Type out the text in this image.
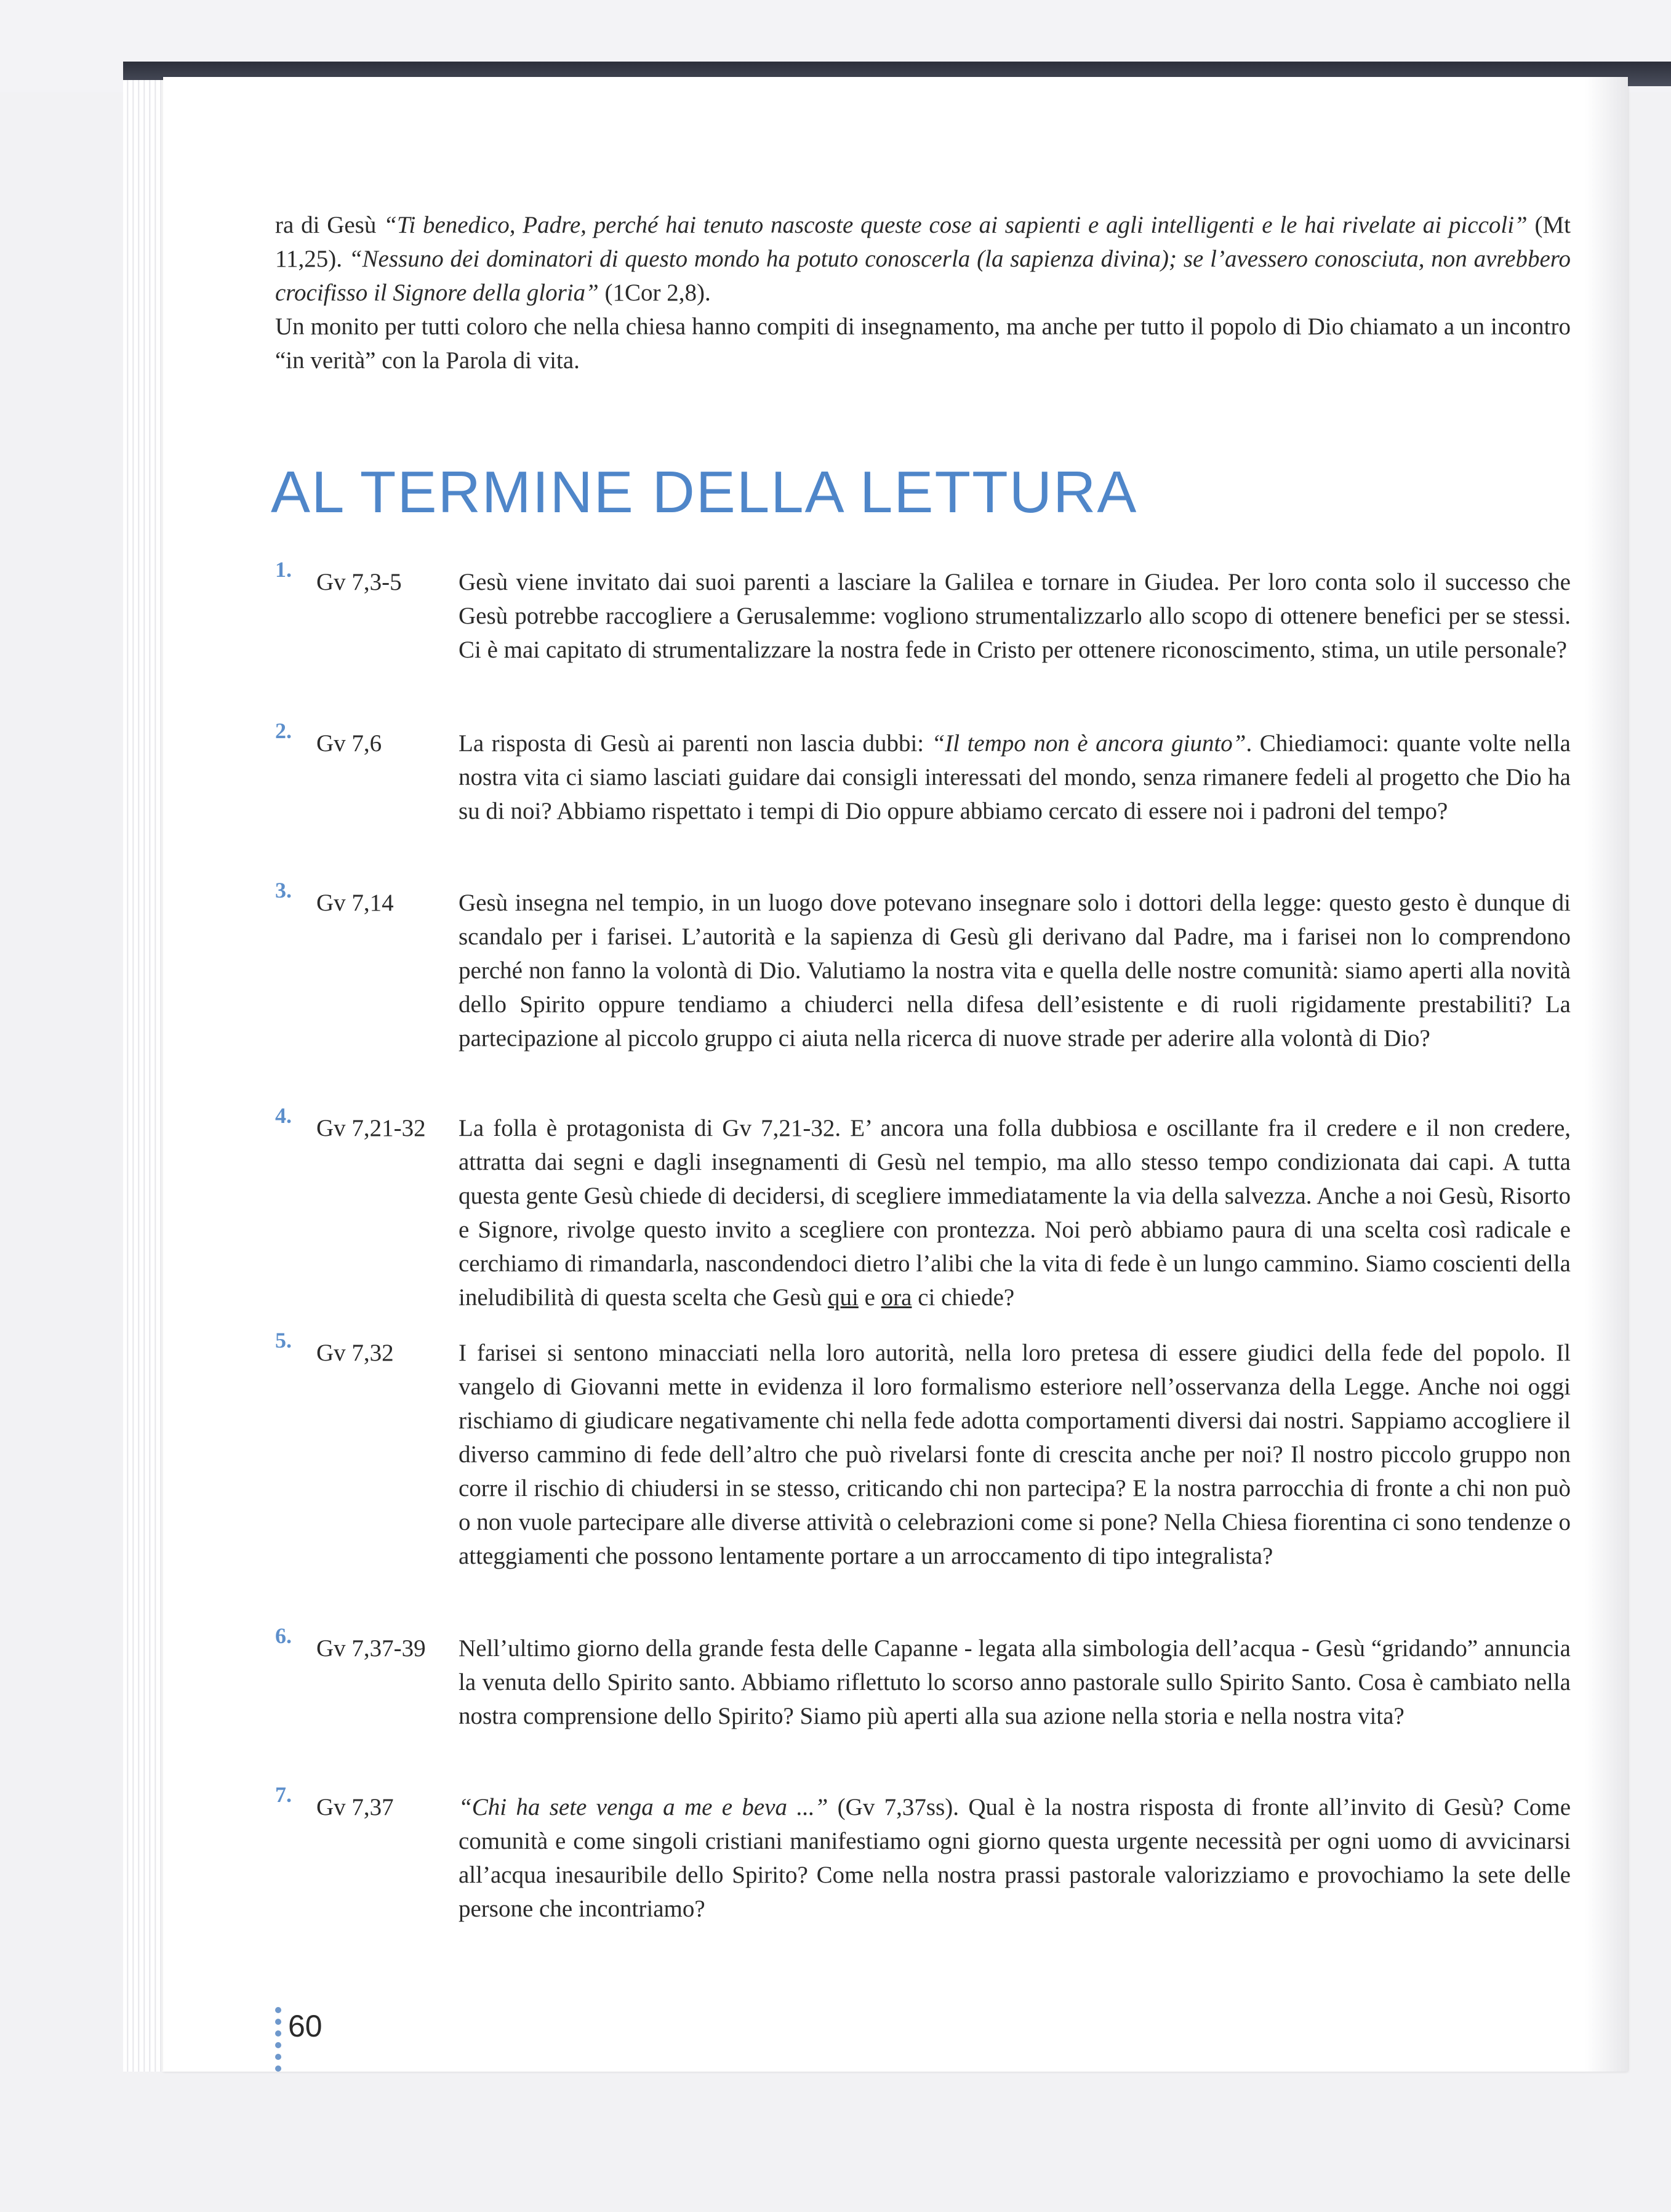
ra di Gesù “Ti benedico, Padre, perché hai tenuto nascoste queste cose ai sapienti e agli intelligenti e le hai rivelate ai piccoli” (Mt 11,25). “Nessuno dei dominatori di questo mondo ha potuto conoscerla (la sapienza divina); se l’avessero conosciuta, non avrebbero crocifisso il Signore della gloria” (1Cor 2,8).

Un monito per tutti coloro che nella chiesa hanno compiti di insegnamento, ma anche per tutto il popolo di Dio chiamato a un incontro “in verità” con la Parola di vita.

AL TERMINE DELLA LETTURA
1. Gv 7,3-5 Gesù viene invitato dai suoi parenti a lasciare la Galilea e tornare in Giudea. Per loro conta solo il successo che Gesù potrebbe raccogliere a Gerusalemme: vogliono strumentalizzarlo allo scopo di ottenere benefici per se stessi. Ci è mai capitato di strumentalizzare la nostra fede in Cristo per ottenere riconoscimento, stima, un utile personale?
2. Gv 7,6	La risposta di Gesù ai parenti non lascia dubbi: “Il tempo non è ancora giunto”. Chiediamoci: quante volte nella nostra vita ci siamo lasciati guidare dai consigli interessati del mondo, senza rimanere fedeli al progetto che Dio ha su di noi? Abbiamo rispettato i tempi di Dio oppure abbiamo cercato di essere noi i padroni del tempo?
3. Gv 7,14	Gesù insegna nel tempio, in un luogo dove potevano insegnare solo i dottori della legge: questo gesto è dunque di scandalo per i farisei. L’autorità e la sapienza di Gesù gli derivano dal Padre, ma i farisei non lo comprendono perché non fanno la volontà di Dio. Valutiamo la nostra vita e quella delle nostre comunità: siamo aperti alla novità dello Spirito oppure tendiamo a chiuderci nella difesa dell’esistente e di ruoli rigidamente prestabiliti? La partecipazione al piccolo gruppo ci aiuta nella ricerca di nuove strade per aderire alla volontà di Dio?
4. Gv 7,21-32 La folla è protagonista di Gv 7,21-32. E’ ancora una folla dubbiosa e oscillante fra il credere e il non credere, attratta dai segni e dagli insegnamenti di Gesù nel tempio, ma allo stesso tempo condizionata dai capi. A tutta questa gente Gesù chiede di decidersi, di scegliere immediatamente la via della salvezza. Anche a noi Gesù, Risorto e Signore, rivolge questo invito a scegliere con prontezza. Noi però abbiamo paura di una scelta così radicale e cerchiamo di rimandarla, nascondendoci dietro l’alibi che la vita di fede è un lungo cammino. Siamo coscienti della ineludibilità di questa scelta che Gesù qui e ora ci chiede?
5. Gv 7,32	I farisei si sentono minacciati nella loro autorità, nella loro pretesa di essere giudici della fede del popolo. Il vangelo di Giovanni mette in evidenza il loro formalismo esteriore nell’osservanza della Legge. Anche noi oggi rischiamo di giudicare negativamente chi nella fede adotta comportamenti diversi dai nostri. Sappiamo accogliere il diverso cammino di fede dell’altro che può rivelarsi fonte di crescita anche per noi? Il nostro piccolo gruppo non corre il rischio di chiudersi in se stesso, criticando chi non partecipa? E la nostra parrocchia di fronte a chi non può o non vuole partecipare alle diverse attività o celebrazioni come si pone? Nella Chiesa fiorentina ci sono tendenze o atteggiamenti che possono lentamente portare a un arroccamento di tipo integralista?
6. Gv 7,37-39 Nell’ultimo giorno della grande festa delle Capanne - legata alla simbologia dell’acqua - Gesù “gridando” annuncia la venuta dello Spirito santo. Abbiamo riflettuto lo scorso anno pastorale sullo Spirito Santo. Cosa è cambiato nella nostra comprensione dello Spirito? Siamo più aperti alla sua azione nella storia e nella nostra vita?
7. Gv 7,37	“Chi ha sete venga a me e beva ...” (Gv 7,37ss). Qual è la nostra risposta di fronte all’invito di Gesù? Come comunità e come singoli cristiani manifestiamo ogni giorno questa urgente necessità per ogni uomo di avvicinarsi all’acqua inesauribile dello Spirito? Come nella nostra prassi pastorale valorizziamo e provochiamo la sete delle persone che incontriamo?
60
